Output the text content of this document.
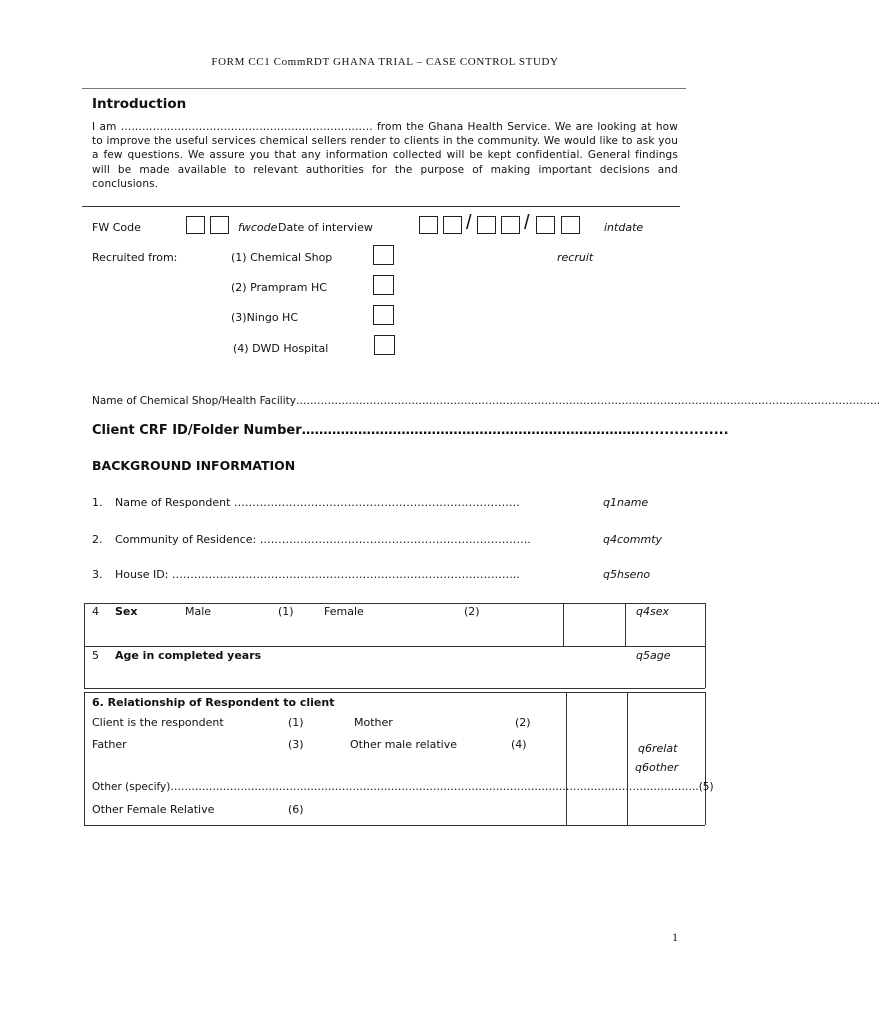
FORM CC1 CommRDT GHANA TRIAL – CASE CONTROL STUDY
Introduction
I am …………………………………………………………….. from the Ghana Health Service. We are looking at how to improve the useful services chemical sellers render to clients in the community. We would like to ask you a few questions. We assure you that any information collected will be kept confidential. General findings will be made available to relevant authorities for the purpose of making important decisions and conclusions.
FW Code	fwcode Date of interview	/	/	intdate
Recruited from:	(1) Chemical Shop	recruit
(2) Prampram HC
(3)Ningo HC
(4) DWD Hospital
Name of Chemical Shop/Health Facility…………………………………………………………………………………………………………………………………………………..
Client CRF ID/Folder Number……………………………………………………………………..................
BACKGROUND INFORMATION
1. Name of Respondent ……………………………………………………………………	q1name
2. Community of Residence: ………………………………………………………………..	q4commty
3. House ID: …………………………………………………………………………………..	q5hseno
4 Sex	Male	(1)	Female	(2)	q4sex
5 Age in completed years	q5age
6. Relationship of Respondent to client
Client is the respondent	(1)	Mother	(2)
Father	(3)	Other male relative	(4)	q6relat
q6other
Other (specify)…………………………………………………………………………………………………………………………………….(5)
Other Female Relative	(6)
1
